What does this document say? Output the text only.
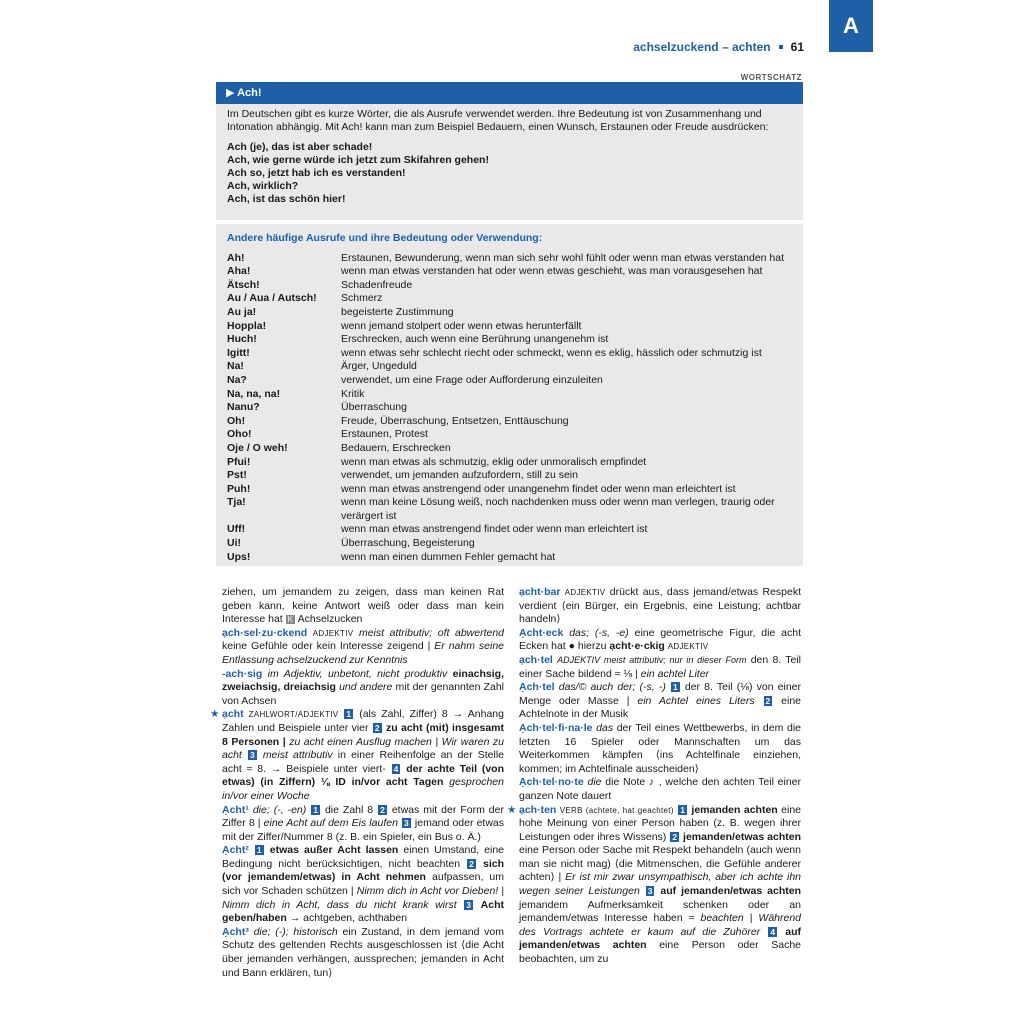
A
achselzuckend – achten 61
WORTSCHATZ
▶ Ach!

Im Deutschen gibt es kurze Wörter, die als Ausrufe verwendet werden. Ihre Bedeutung ist von Zusammenhang und Intonation abhängig. Mit Ach! kann man zum Beispiel Bedauern, einen Wunsch, Erstaunen oder Freude ausdrücken:

Ach (je), das ist aber schade!
Ach, wie gerne würde ich jetzt zum Skifahren gehen!
Ach so, jetzt hab ich es verstanden!
Ach, wirklich?
Ach, ist das schön hier!
Andere häufige Ausrufe und ihre Bedeutung oder Verwendung:
Ah!	Erstaunen, Bewunderung, wenn man sich sehr wohl fühlt oder wenn man etwas verstanden hat
Aha!	wenn man etwas verstanden hat oder wenn etwas geschieht, was man vorausgesehen hat
Ätsch!	Schadenfreude
Au / Aua / Autsch!	Schmerz
Au ja!	begeisterte Zustimmung
Hoppla!	wenn jemand stolpert oder wenn etwas herunterfällt
Huch!	Erschrecken, auch wenn eine Berührung unangenehm ist
Igitt!	wenn etwas sehr schlecht riecht oder schmeckt, wenn es eklig, hässlich oder schmutzig ist
Na!	Ärger, Ungeduld
Na?	verwendet, um eine Frage oder Aufforderung einzuleiten
Na, na, na!	Kritik
Nanu?	Überraschung
Oh!	Freude, Überraschung, Entsetzen, Enttäuschung
Oho!	Erstaunen, Protest
Oje / O weh!	Bedauern, Erschrecken
Pfui!	wenn man etwas als schmutzig, eklig oder unmoralisch empfindet
Pst!	verwendet, um jemanden aufzufordern, still zu sein
Puh!	wenn man etwas anstrengend oder unangenehm findet oder wenn man erleichtert ist
Tja!	wenn man keine Lösung weiß, noch nachdenken muss oder wenn man verlegen, traurig oder verärgert ist
Uff!	wenn man etwas anstrengend findet oder wenn man erleichtert ist
Ui!	Überraschung, Begeisterung
Ups!	wenn man einen dummen Fehler gemacht hat

ziehen, um jemandem zu zeigen, dass man keinen Rat geben kann, keine Antwort weiß oder dass man kein Interesse hat K Achselzucken

ạch·sel·zu·ckend ADJEKTIV meist attributiv; oft abwertend keine Gefühle oder kein Interesse zeigend | Er nahm seine Entlassung achselzuckend zur Kenntnis

-ach·sig im Adjektiv, unbetont, nicht produktiv einachsig, zweiachsig, dreiachsig und andere mit der genannten Zahl von Achsen

★ ạcht ZAHLWORT/ADJEKTIV 1 (als Zahl, Ziffer) 8 → Anhang Zahlen und Beispiele unter vier 2 zu acht (mit) insgesamt 8 Personen | zu acht einen Ausflug machen | Wir waren zu acht 3 meist attributiv in einer Reihenfolge an der Stelle acht ≈ 8. → Beispiele unter viert- 4 der achte Teil (von etwas) (in Ziffern) ⅛ ID in/vor acht Tagen gesprochen in/vor einer Woche

Ạcht¹ die; (-, -en) 1 die Zahl 8 2 etwas mit der Form der Ziffer 8 | eine Acht auf dem Eis laufen 3 jemand oder etwas mit der Ziffer/Nummer 8 (z. B. ein Spieler, ein Bus o. Ä.)

Ạcht² 1 etwas außer Acht lassen einen Umstand, eine Bedingung nicht berücksichtigen, nicht beachten 2 sich (vor jemandem/etwas) in Acht nehmen aufpassen, um sich vor Schaden schützen | Nimm dich in Acht vor Dieben! | Nimm dich in Acht, dass du nicht krank wirst 3 Acht geben/haben → achtgeben, achthaben

Ạcht³ die; (-); historisch ein Zustand, in dem jemand vom Schutz des geltenden Rechts ausgeschlossen ist ⟨die Acht über jemanden verhängen, aussprechen; jemanden in Acht und Bann erklären, tun⟩

ạcht·bar ADJEKTIV drückt aus, dass jemand/etwas Respekt verdient ⟨ein Bürger, ein Ergebnis, eine Leistung; achtbar handeln⟩

Ạcht·eck das; (-s, -e) eine geometrische Figur, die acht Ecken hat ● hierzu ạcht·e·ckig ADJEKTIV

ạch·tel ADJEKTIV meist attributiv; nur in dieser Form den 8. Teil einer Sache bildend ≈ ⅛ | ein achtel Liter

Ạch·tel das/© auch der; (-s, -) 1 der 8. Teil (⅛) von einer Menge oder Masse | ein Achtel eines Liters 2 eine Achtelnote in der Musik

Ạch·tel·fi·na·le das der Teil eines Wettbewerbs, in dem die letzten 16 Spieler oder Mannschaften um das Weiterkommen kämpfen ⟨ins Achtelfinale einziehen, kommen; im Achtelfinale ausscheiden⟩

Ạch·tel·no·te die die Note ♪ , welche den achten Teil einer ganzen Note dauert

★ ạch·ten VERB (achtete, hat geachtet) 1 jemanden achten eine hohe Meinung von einer Person haben (z. B. wegen ihrer Leistungen oder ihres Wissens) 2 jemanden/etwas achten eine Person oder Sache mit Respekt behandeln (auch wenn man sie nicht mag) ⟨die Mitmenschen, die Gefühle anderer achten⟩ | Er ist mir zwar unsympathisch, aber ich achte ihn wegen seiner Leistungen 3 auf jemanden/etwas achten jemandem Aufmerksamkeit schenken oder an jemandem/etwas Interesse haben ≈ beachten | Während des Vortrags achtete er kaum auf die Zuhörer 4 auf jemanden/etwas achten eine Person oder Sache beobachten, um zu
